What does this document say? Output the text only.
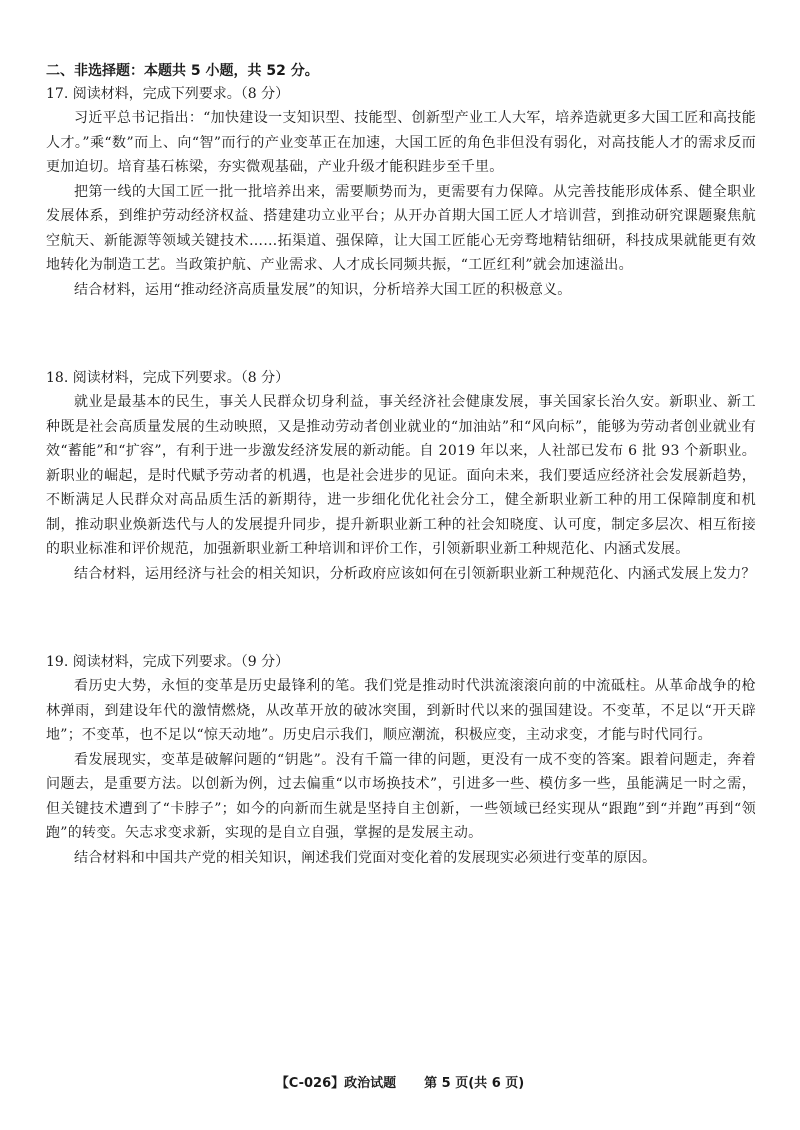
二、非选择题：本题共 5 小题，共 52 分。

17. 阅读材料，完成下列要求。（8 分）

习近平总书记指出：“加快建设一支知识型、技能型、创新型产业工人大军，培养造就更多大国工匠和高技能人才。”乘“数”而上、向“智”而行的产业变革正在加速，大国工匠的角色非但没有弱化，对高技能人才的需求反而更加迫切。培育基石栋梁，夯实微观基础，产业升级才能积跬步至千里。

把第一线的大国工匠一批一批培养出来，需要顺势而为，更需要有力保障。从完善技能形成体系、健全职业发展体系，到维护劳动经济权益、搭建建功立业平台；从开办首期大国工匠人才培训营，到推动研究课题聚焦航空航天、新能源等领域关键技术……拓渠道、强保障，让大国工匠能心无旁骛地精钻细研，科技成果就能更有效地转化为制造工艺。当政策护航、产业需求、人才成长同频共振，“工匠红利”就会加速溢出。

结合材料，运用“推动经济高质量发展”的知识，分析培养大国工匠的积极意义。

18. 阅读材料，完成下列要求。（8 分）

就业是最基本的民生，事关人民群众切身利益，事关经济社会健康发展，事关国家长治久安。新职业、新工种既是社会高质量发展的生动映照，又是推动劳动者创业就业的“加油站”和“风向标”，能够为劳动者创业就业有效“蓄能”和“扩容”，有利于进一步激发经济发展的新动能。自 2019 年以来，人社部已发布 6 批 93 个新职业。新职业的崛起，是时代赋予劳动者的机遇，也是社会进步的见证。面向未来，我们要适应经济社会发展新趋势，不断满足人民群众对高品质生活的新期待，进一步细化优化社会分工，健全新职业新工种的用工保障制度和机制，推动职业焕新迭代与人的发展提升同步，提升新职业新工种的社会知晓度、认可度，制定多层次、相互衔接的职业标准和评价规范，加强新职业新工种培训和评价工作，引领新职业新工种规范化、内涵式发展。

结合材料，运用经济与社会的相关知识，分析政府应该如何在引领新职业新工种规范化、内涵式发展上发力？

19. 阅读材料，完成下列要求。（9 分）

看历史大势，永恒的变革是历史最锋利的笔。我们党是推动时代洪流滚滚向前的中流砥柱。从革命战争的枪林弹雨，到建设年代的激情燃烧，从改革开放的破冰突围，到新时代以来的强国建设。不变革，不足以“开天辟地”；不变革，也不足以“惊天动地”。历史启示我们，顺应潮流，积极应变，主动求变，才能与时代同行。

看发展现实，变革是破解问题的“钥匙”。没有千篇一律的问题，更没有一成不变的答案。跟着问题走，奔着问题去，是重要方法。以创新为例，过去偏重“以市场换技术”，引进多一些、模仿多一些，虽能满足一时之需，但关键技术遭到了“卡脖子”；如今的向新而生就是坚持自主创新，一些领域已经实现从“跟跑”到“并跑”再到“领跑”的转变。矢志求变求新，实现的是自立自强，掌握的是发展主动。

结合材料和中国共产党的相关知识，阐述我们党面对变化着的发展现实必须进行变革的原因。

【C-026】政治试题 第 5 页(共 6 页)
